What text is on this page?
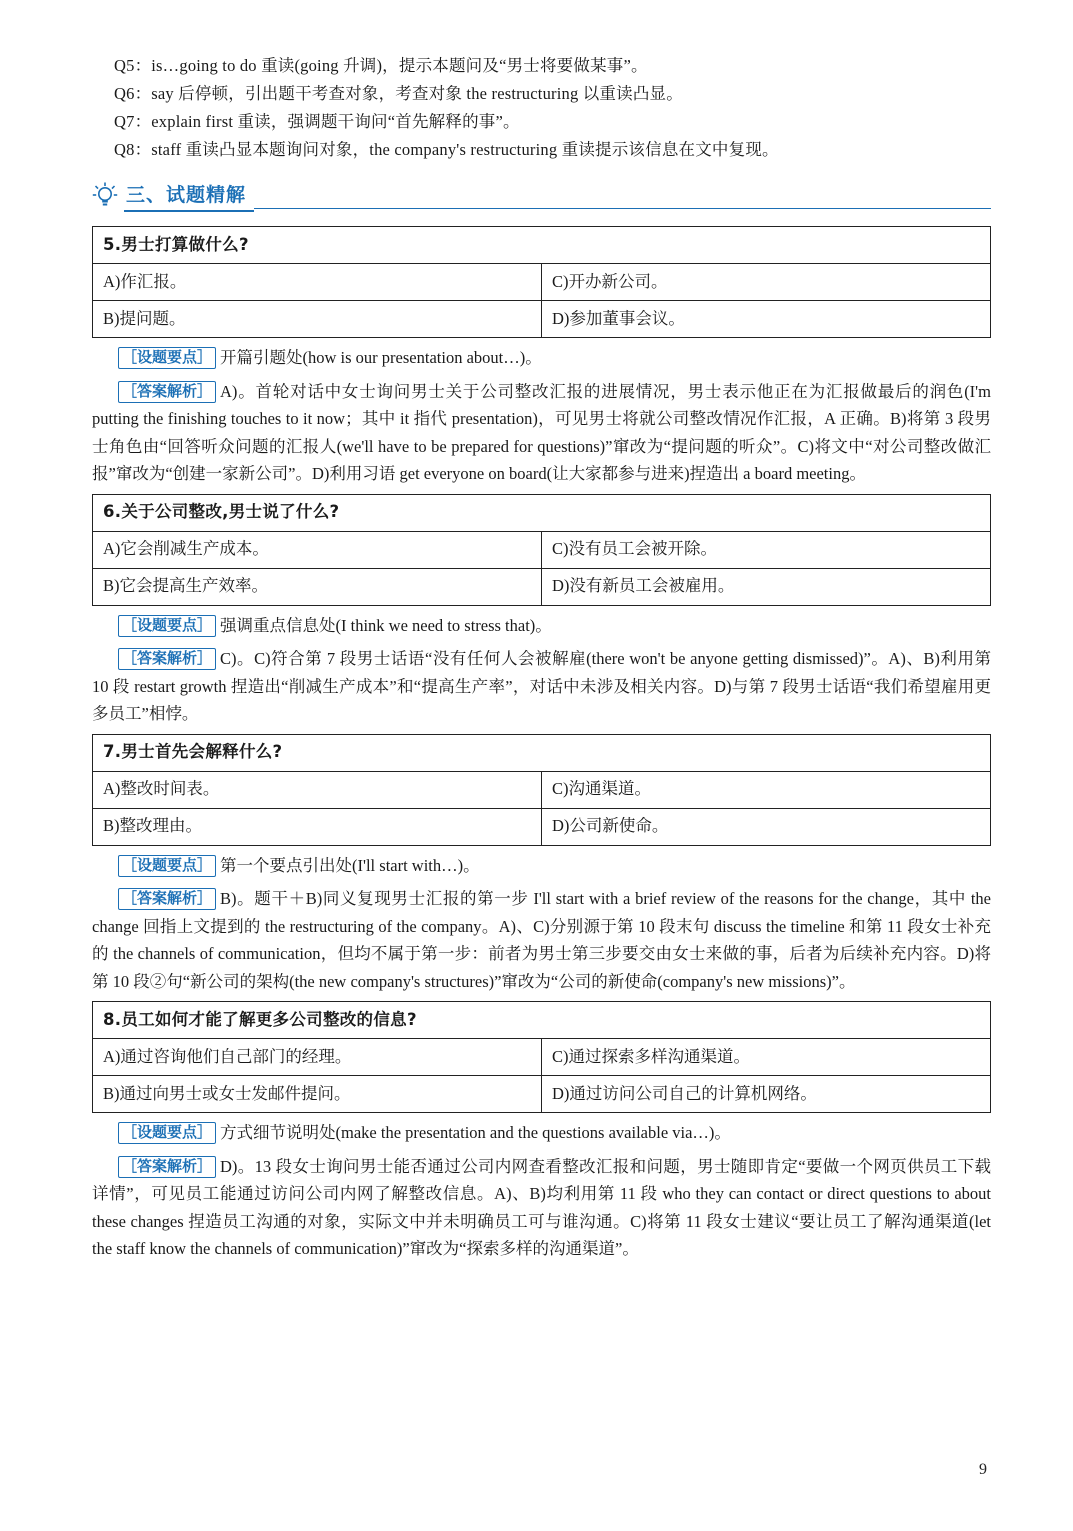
Q5：is…going to do 重读(going 升调)，提示本题问及“男士将要做某事”。
Q6：say 后停顿，引出题干考查对象，考查对象 the restructuring 以重读凸显。
Q7：explain first 重读，强调题干询问“首先解释的事”。
Q8：staff 重读凸显本题询问对象，the company's restructuring 重读提示该信息在文中复现。
三、试题精解
5.男士打算做什么?	
A)作汇报。	C)开办新公司。
B)提问题。	D)参加董事会议。
［设题要点］ 开篇引题处(how is our presentation about…)。
［答案解析］ A)。首轮对话中女士询问男士关于公司整改汇报的进展情况，男士表示他正在为汇报做最后的润色(I'm putting the finishing touches to it now；其中 it 指代 presentation)，可见男士将就公司整改情况作汇报，A 正确。B)将第 3 段男士角色由“回答听众问题的汇报人(we'll have to be prepared for questions)”窜改为“提问题的听众”。C)将文中“对公司整改做汇报”窜改为“创建一家新公司”。D)利用习语 get everyone on board(让大家都参与进来)捏造出 a board meeting。
6.关于公司整改,男士说了什么?	
A)它会削减生产成本。	C)没有员工会被开除。
B)它会提高生产效率。	D)没有新员工会被雇用。
［设题要点］ 强调重点信息处(I think we need to stress that)。
［答案解析］ C)。C)符合第 7 段男士话语“没有任何人会被解雇(there won't be anyone getting dismissed)”。A)、B)利用第 10 段 restart growth 捏造出“削减生产成本”和“提高生产率”，对话中未涉及相关内容。D)与第 7 段男士话语“我们希望雇用更多员工”相悖。
7.男士首先会解释什么?	
A)整改时间表。	C)沟通渠道。
B)整改理由。	D)公司新使命。
［设题要点］ 第一个要点引出处(I'll start with…)。
［答案解析］ B)。题干＋B)同义复现男士汇报的第一步 I'll start with a brief review of the reasons for the change，其中 the change 回指上文提到的 the restructuring of the company。A)、C)分别源于第 10 段末句 discuss the timeline 和第 11 段女士补充的 the channels of communication，但均不属于第一步：前者为男士第三步要交由女士来做的事，后者为后续补充内容。D)将第 10 段②句“新公司的架构(the new company's structures)”窜改为“公司的新使命(company's new missions)”。
8.员工如何才能了解更多公司整改的信息?	
A)通过咨询他们自己部门的经理。	C)通过探索多样沟通渠道。
B)通过向男士或女士发邮件提问。	D)通过访问公司自己的计算机网络。
［设题要点］ 方式细节说明处(make the presentation and the questions available via…)。
［答案解析］ D)。13 段女士询问男士能否通过公司内网查看整改汇报和问题，男士随即肯定“要做一个网页供员工下载详情”，可见员工能通过访问公司内网了解整改信息。A)、B)均利用第 11 段 who they can contact or direct questions to about these changes 捏造员工沟通的对象，实际文中并未明确员工可与谁沟通。C)将第 11 段女士建议“要让员工了解沟通渠道(let the staff know the channels of communication)”窜改为“探索多样的沟通渠道”。
9
